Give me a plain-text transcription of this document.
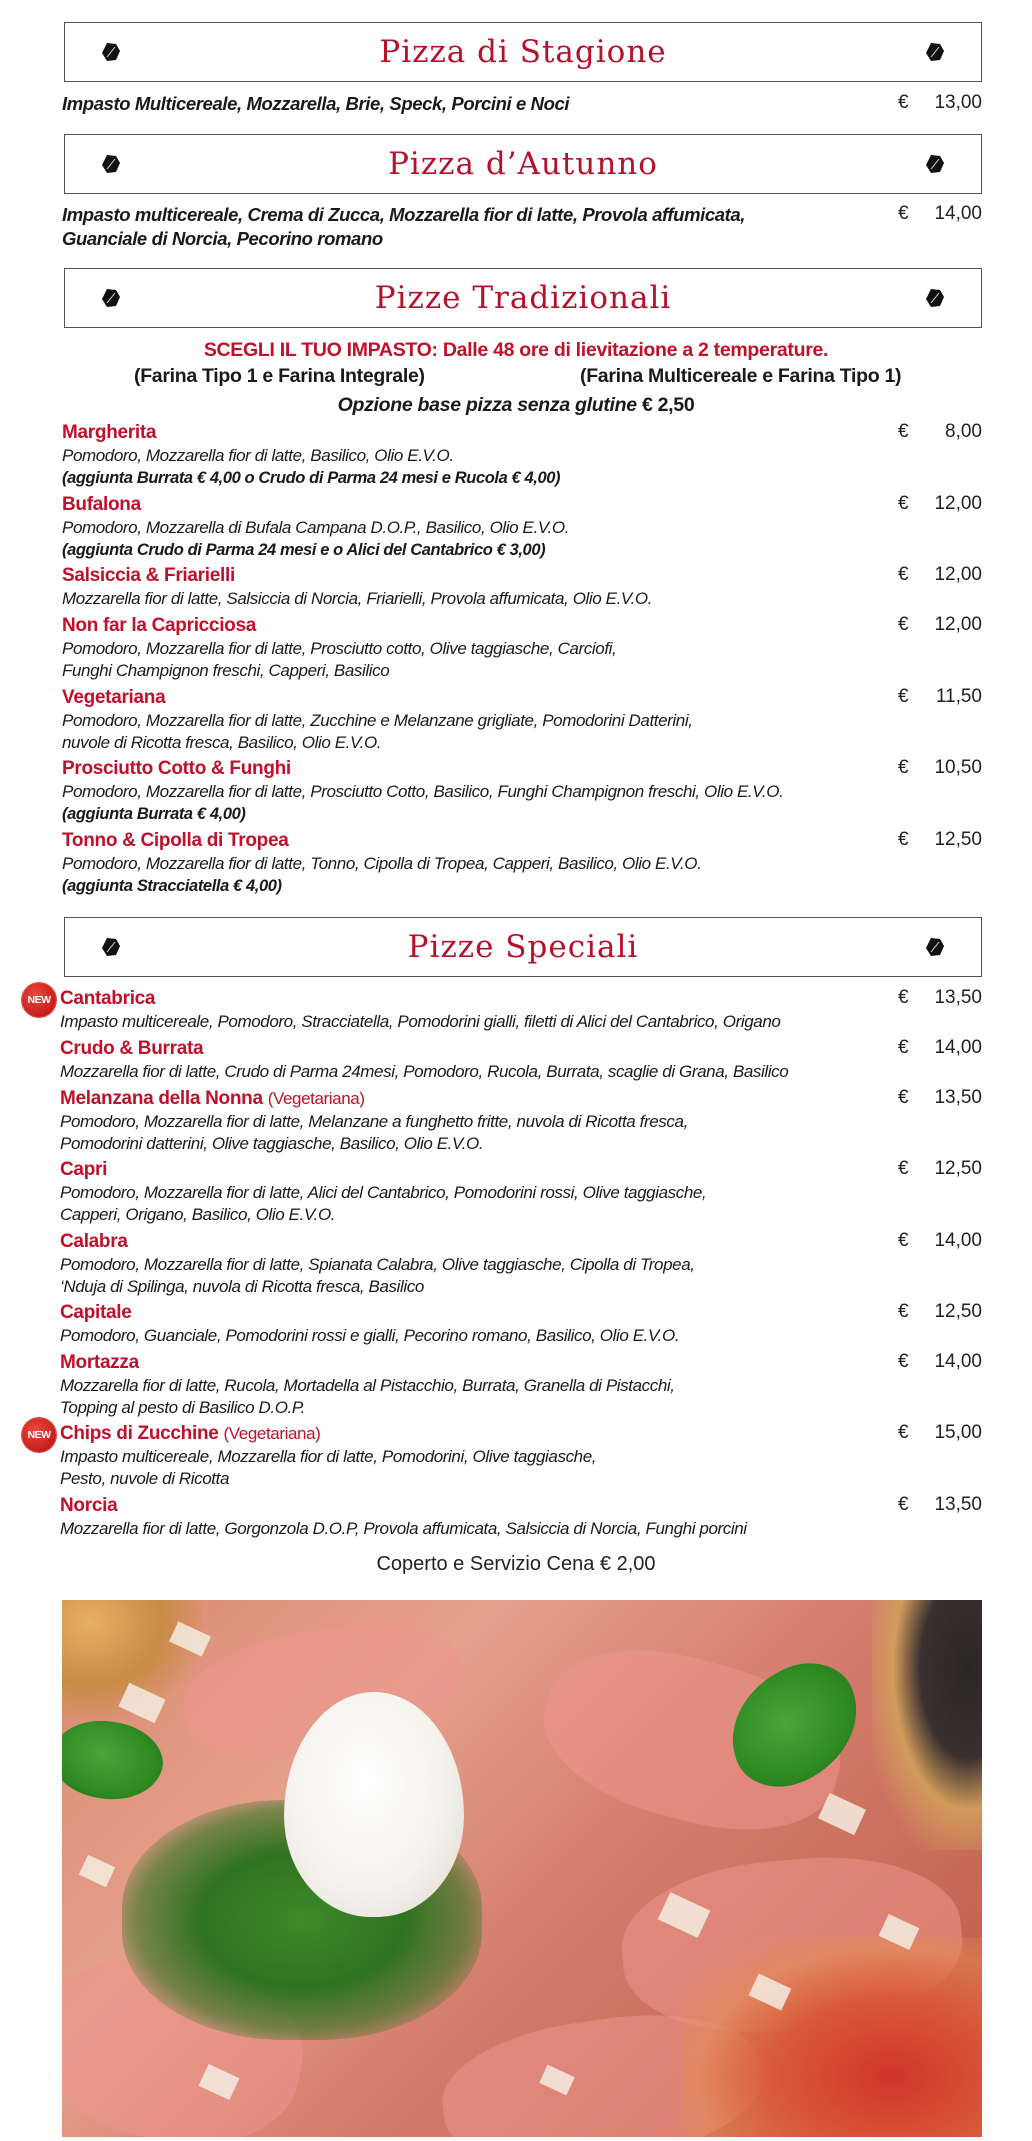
Pizza di Stagione
Impasto Multicereale, Mozzarella, Brie, Speck, Porcini e Noci	€	13,00
Pizza d’Autunno
Impasto multicereale, Crema di Zucca, Mozzarella fior di latte, Provola affumicata,
Guanciale di Norcia, Pecorino romano
€	14,00
Pizze Tradizionali
SCEGLI IL TUO IMPASTO: Dalle 48 ore di lievitazione a 2 temperature.
(Farina Tipo 1 e Farina Integrale)	(Farina Multicereale e Farina Tipo 1)
Opzione base pizza senza glutine € 2,50
Margherita
Pomodoro, Mozzarella fior di latte, Basilico, Olio E.V.O.
(aggiunta Burrata € 4,00 o Crudo di Parma 24 mesi e Rucola € 4,00)
€	8,00
Bufalona
Pomodoro, Mozzarella di Bufala Campana D.O.P., Basilico, Olio E.V.O.
(aggiunta Crudo di Parma 24 mesi e o Alici del Cantabrico € 3,00)
€	12,00
Salsiccia & Friarielli
Mozzarella fior di latte, Salsiccia di Norcia, Friarielli, Provola affumicata, Olio E.V.O.
€	12,00
Non far la Capricciosa
Pomodoro, Mozzarella fior di latte, Prosciutto cotto, Olive taggiasche, Carciofi,
Funghi Champignon freschi, Capperi, Basilico
€	12,00
Vegetariana
Pomodoro, Mozzarella fior di latte, Zucchine e Melanzane grigliate, Pomodorini Datterini,
nuvole di Ricotta fresca, Basilico, Olio E.V.O.
€	11,50
Prosciutto Cotto & Funghi
Pomodoro, Mozzarella fior di latte, Prosciutto Cotto, Basilico, Funghi Champignon freschi, Olio E.V.O.
(aggiunta Burrata € 4,00)
€	10,50
Tonno & Cipolla di Tropea
Pomodoro, Mozzarella fior di latte, Tonno, Cipolla di Tropea, Capperi, Basilico, Olio E.V.O.
(aggiunta Stracciatella € 4,00)
€	12,50
Pizze Speciali
NEW Cantabrica
Impasto multicereale, Pomodoro, Stracciatella, Pomodorini gialli, filetti di Alici del Cantabrico, Origano
€	13,50
Crudo & Burrata
Mozzarella fior di latte, Crudo di Parma 24mesi, Pomodoro, Rucola, Burrata, scaglie di Grana, Basilico
€	14,00
Melanzana della Nonna (Vegetariana)
Pomodoro, Mozzarella fior di latte, Melanzane a funghetto fritte, nuvola di Ricotta fresca,
Pomodorini datterini, Olive taggiasche, Basilico, Olio E.V.O.
€	13,50
Capri
Pomodoro, Mozzarella fior di latte, Alici del Cantabrico, Pomodorini rossi, Olive taggiasche,
Capperi, Origano, Basilico, Olio E.V.O.
€	12,50
Calabra
Pomodoro, Mozzarella fior di latte, Spianata Calabra, Olive taggiasche, Cipolla di Tropea,
‘Nduja di Spilinga, nuvola di Ricotta fresca, Basilico
€	14,00
Capitale
Pomodoro, Guanciale, Pomodorini rossi e gialli, Pecorino romano, Basilico, Olio E.V.O.
€	12,50
Mortazza
Mozzarella fior di latte, Rucola, Mortadella al Pistacchio, Burrata, Granella di Pistacchi,
Topping al pesto di Basilico D.O.P.
€	14,00
NEW Chips di Zucchine (Vegetariana)
Impasto multicereale, Mozzarella fior di latte, Pomodorini, Olive taggiasche,
Pesto, nuvole di Ricotta
€	15,00
Norcia
Mozzarella fior di latte, Gorgonzola D.O.P, Provola affumicata, Salsiccia di Norcia, Funghi porcini
€	13,50
Coperto e Servizio Cena € 2,00
